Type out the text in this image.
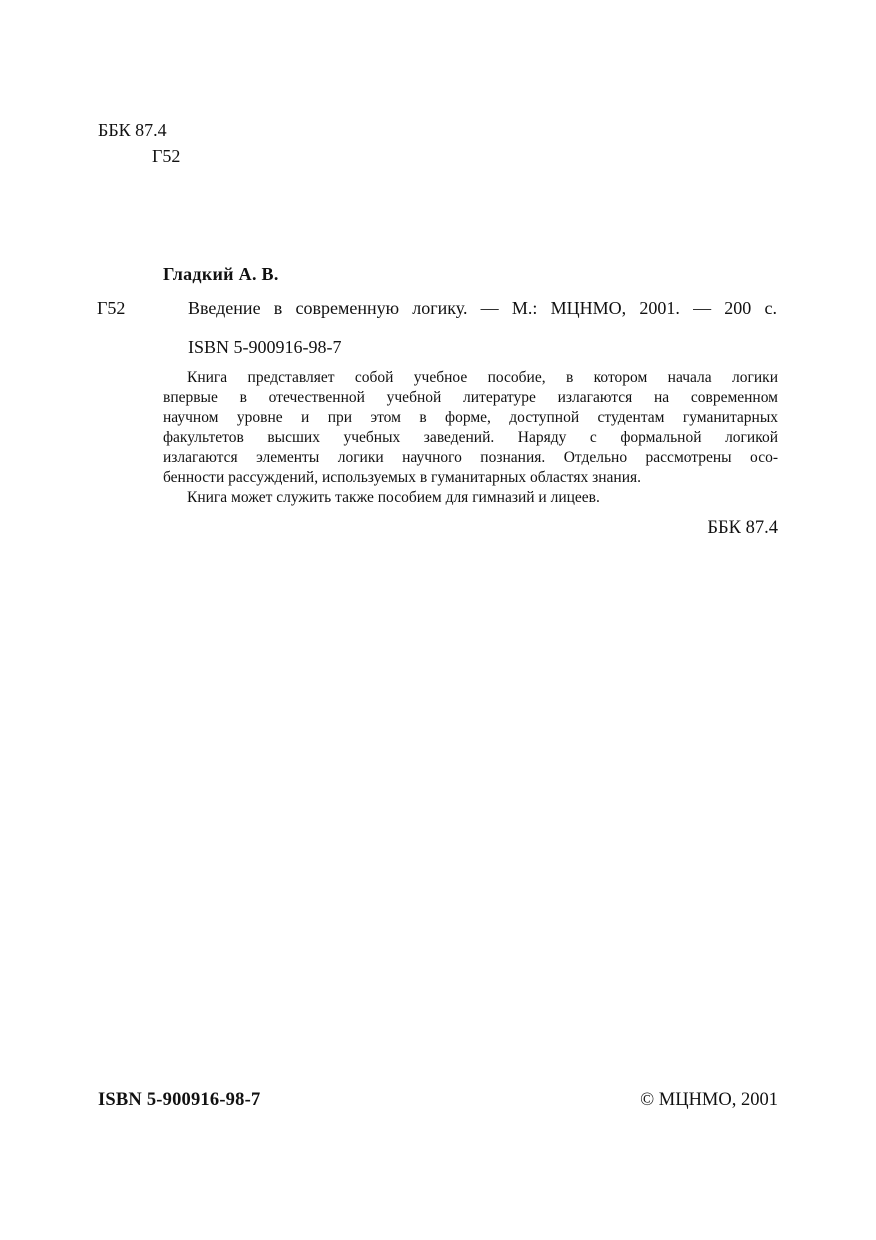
ББК 87.4
Г52
Гладкий А. В.
Г52	Введение в современную логику. — М.: МЦНМО, 2001. — 200 с.
ISBN 5-900916-98-7
Книга представляет собой учебное пособие, в котором начала логики
впервые в отечественной учебной литературе излагаются на современном
научном уровне и при этом в форме, доступной студентам гуманитарных
факультетов высших учебных заведений. Наряду с формальной логикой
излагаются элементы логики научного познания. Отдельно рассмотрены осо-
бенности рассуждений, используемых в гуманитарных областях знания.
Книга может служить также пособием для гимназий и лицеев.
ББК 87.4
ISBN 5-900916-98-7	© МЦНМО, 2001
